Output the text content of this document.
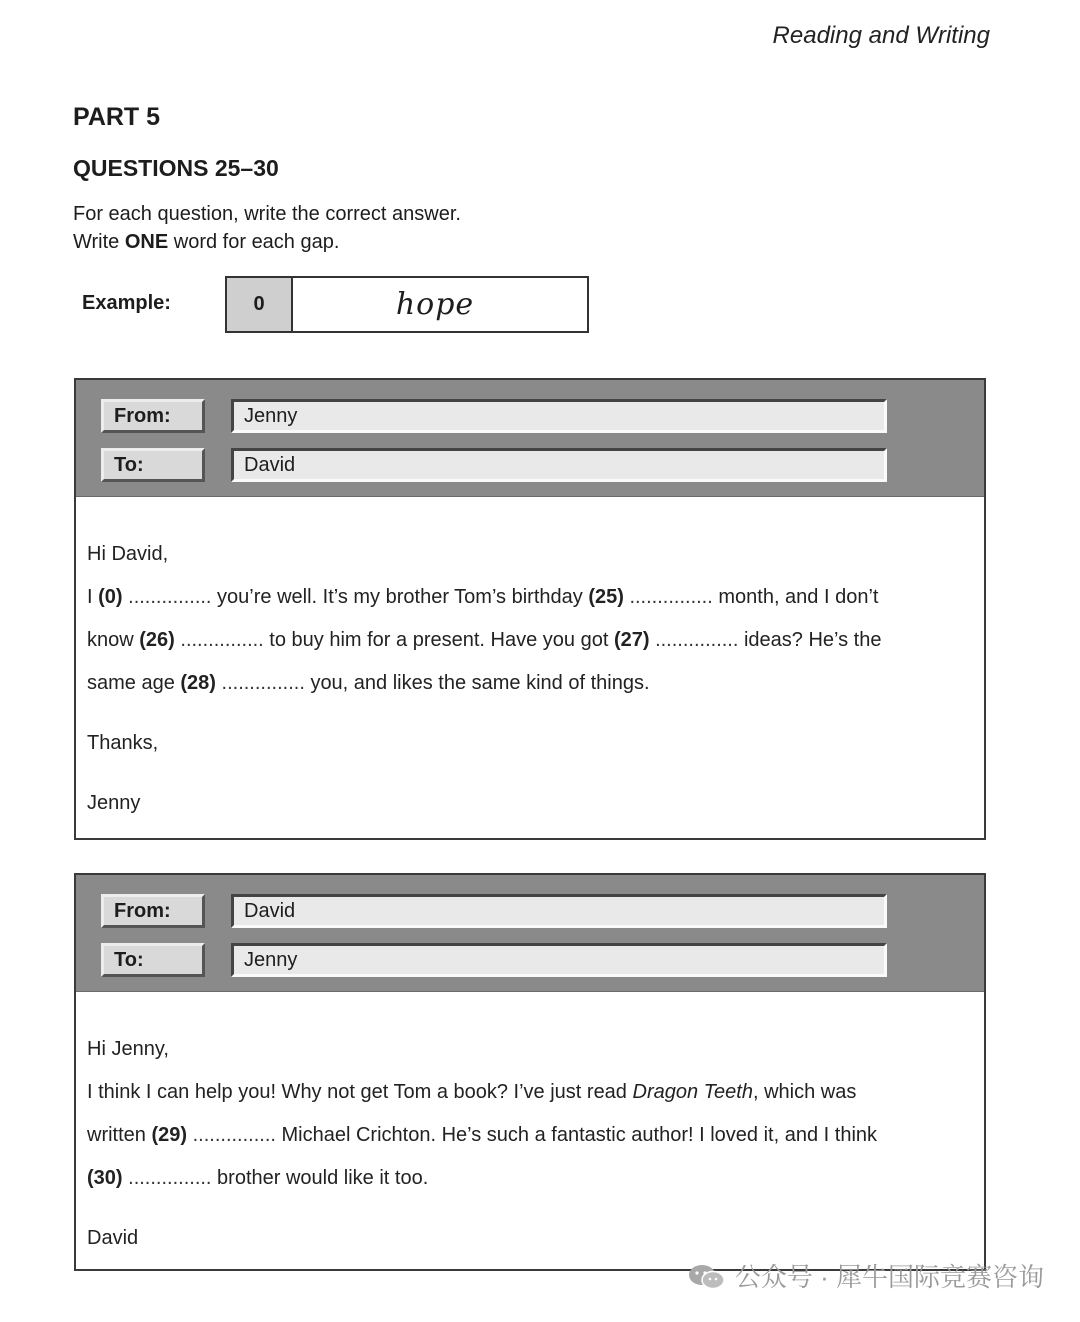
Reading and Writing
PART 5
QUESTIONS 25–30
For each question, write the correct answer.
Write ONE word for each gap.
Example:	0	hope
From:	Jenny
To:	David

Hi David,

I (0) ............... you’re well. It’s my brother Tom’s birthday (25) ............... month, and I don’t

know (26) ............... to buy him for a present. Have you got (27) ............... ideas? He’s the

same age (28) ............... you, and likes the same kind of things.

Thanks,

Jenny

From:	David
To:	Jenny

Hi Jenny,

I think I can help you! Why not get Tom a book? I’ve just read Dragon Teeth, which was

written (29) ............... Michael Crichton. He’s such a fantastic author! I loved it, and I think

(30) ............... brother would like it too.

David

公众号 · 犀牛国际竞赛咨询
